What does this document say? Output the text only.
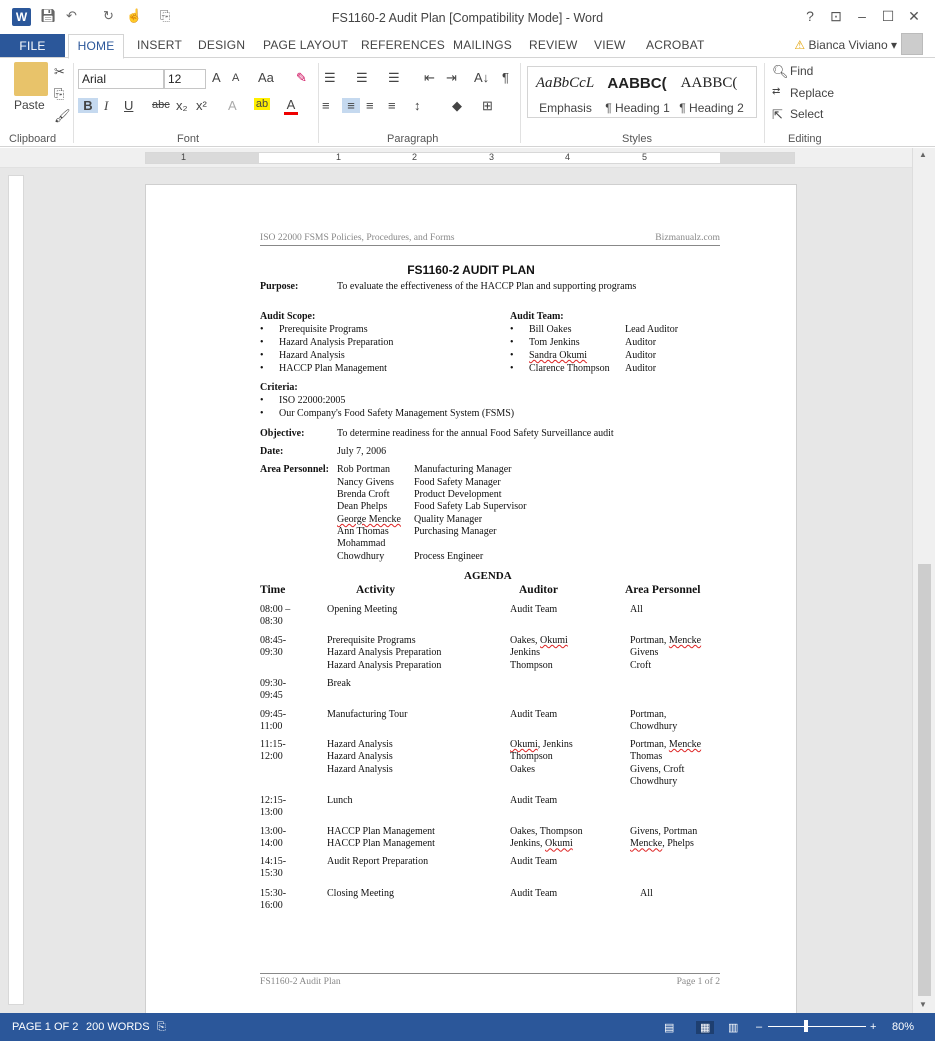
W 💾︎ ↶ ↻ ☝ ⎘	FS1160-2 Audit Plan [Compatibility Mode] - Word	?	⊡	–	☐ ✕
FILE	HOME	INSERT DESIGN PAGE LAYOUT REFERENCES MAILINGS REVIEW VIEW ACROBAT	⚠ Bianca Viviano ▾
Paste
✂
⎘
🖌︎
Clipboard
Arial	12	A A Aa ✎
B I U abc x₂ x² A ab A
Font
☰ ☰ ☰ ⇤ ⇥ A↓ ¶
≡	≡ ≡ ≡ ↕ ◆ ⊞
Paragraph
AaBbCcL AABBC( AABBC(
Emphasis	¶ Heading 1 ¶ Heading 2
Styles
🔍︎ Find
⇄ Replace
⇱ Select
Editing
1	1	2	3	4	5
ISO 22000 FSMS Policies, Procedures, and Forms	Bizmanualz.com
FS1160-2 AUDIT PLAN
Purpose:	To evaluate the effectiveness of the HACCP Plan and supporting programs
Audit Scope:
• Prerequisite Programs
• Hazard Analysis Preparation
• Hazard Analysis
• HACCP Plan Management
Audit Team:
• Bill Oakes	Lead Auditor
• Tom Jenkins	Auditor
• Sandra Okumi	Auditor
• Clarence Thompson Auditor
Criteria:
• ISO 22000:2005
• Our Company's Food Safety Management System (FSMS)
Objective:	To determine readiness for the annual Food Safety Surveillance audit
Date:	July 7, 2006
Area Personnel: Rob Portman Manufacturing Manager
Nancy Givens Food Safety Manager
Brenda Croft Product Development
Dean Phelps	Food Safety Lab Supervisor
George Mencke Quality Manager
Ann Thomas	Purchasing Manager
Mohammad
Chowdhury	Process Engineer
AGENDA
Time	Activity	Auditor	Area Personnel
08:00 –
08:30
Opening Meeting	Audit Team	All
08:45-
09:30
Prerequisite Programs
Hazard Analysis Preparation
Hazard Analysis Preparation
Oakes, Okumi
Jenkins
Thompson
Portman, Mencke
Givens
Croft
09:30-
09:45
Break
09:45-
11:00
Manufacturing Tour	Audit Team	Portman,
Chowdhury
11:15-
12:00
Hazard Analysis
Hazard Analysis
Hazard Analysis
Okumi, Jenkins
Thompson
Oakes
Portman, Mencke
Thomas
Givens, Croft
Chowdhury
12:15-
13:00
Lunch	Audit Team
13:00-
14:00
HACCP Plan Management
HACCP Plan Management
Oakes, Thompson
Jenkins, Okumi
Givens, Portman
Mencke, Phelps
14:15-
15:30
Audit Report Preparation	Audit Team
15:30-
16:00
Closing Meeting	Audit Team	All
FS1160-2 Audit Plan	Page 1 of 2
▲
▼
PAGE 1 OF 2 200 WORDS ⎘	▤	▦	▥ –	+ 80%
